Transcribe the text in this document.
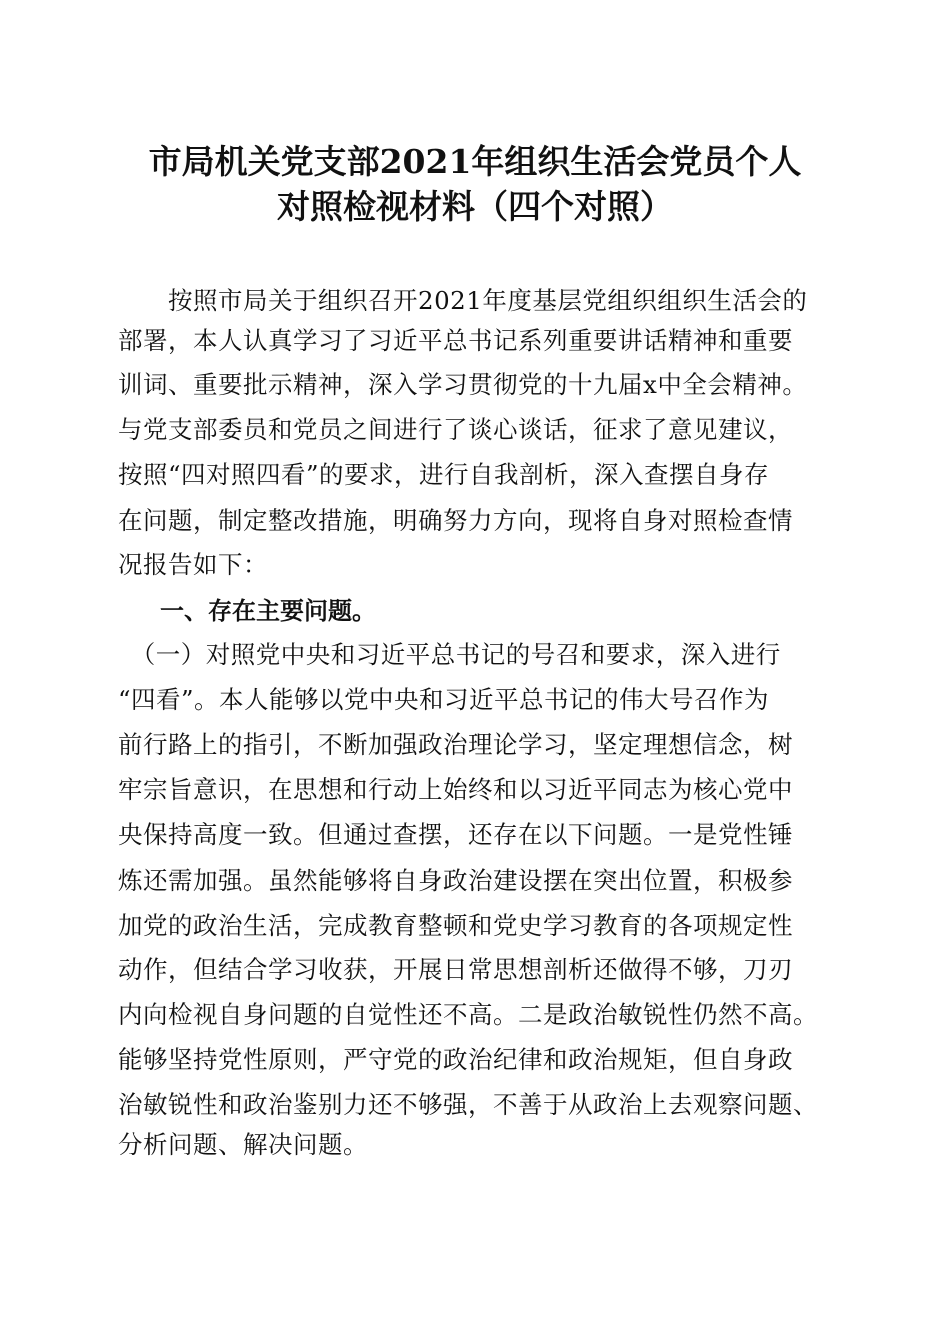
市局机关党支部2021年组织生活会党员个人
对照检视材料（四个对照）
　　按照市局关于组织召开2021年度基层党组织组织生活会的
部署，本人认真学习了习近平总书记系列重要讲话精神和重要
训词、重要批示精神，深入学习贯彻党的十九届x中全会精神。
与党支部委员和党员之间进行了谈心谈话，征求了意见建议，
按照“四对照四看”的要求，进行自我剖析，深入查摆自身存
在问题，制定整改措施，明确努力方向，现将自身对照检查情
况报告如下：
一、存在主要问题。
　（一）对照党中央和习近平总书记的号召和要求，深入进行
“四看”。本人能够以党中央和习近平总书记的伟大号召作为
前行路上的指引，不断加强政治理论学习，坚定理想信念，树
牢宗旨意识，在思想和行动上始终和以习近平同志为核心党中
央保持高度一致。但通过查摆，还存在以下问题。一是党性锤
炼还需加强。虽然能够将自身政治建设摆在突出位置，积极参
加党的政治生活，完成教育整顿和党史学习教育的各项规定性
动作，但结合学习收获，开展日常思想剖析还做得不够，刀刃
内向检视自身问题的自觉性还不高。二是政治敏锐性仍然不高。
能够坚持党性原则，严守党的政治纪律和政治规矩，但自身政
治敏锐性和政治鉴别力还不够强，不善于从政治上去观察问题、
分析问题、解决问题。
